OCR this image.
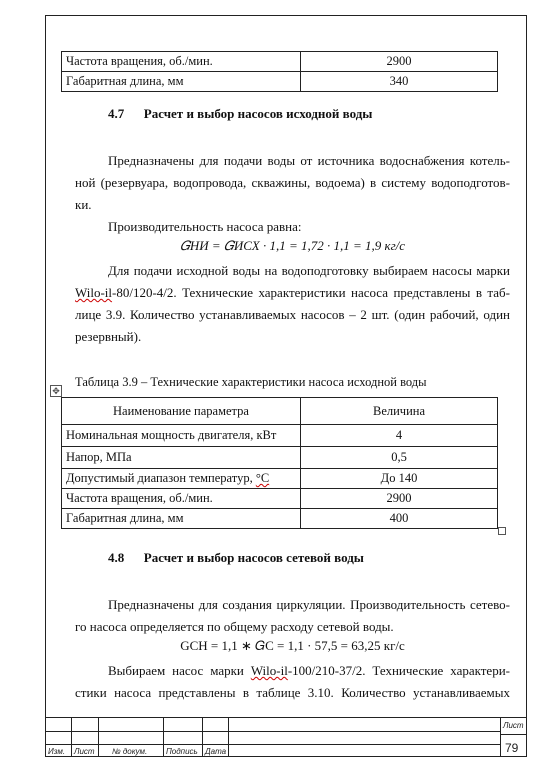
Частота вращения, об./мин.	2900
Габаритная длина, мм	340
4.7      Расчет и выбор насосов исходной воды
Предназначены для подачи воды от источника водоснабжения котель-
ной (резервуара, водопровода, скважины, водоема) в систему водоподготов-
ки.
Производительность насоса равна:
𝐺НИ = 𝐺ИСХ · 1,1 = 1,72 · 1,1 = 1,9 кг/с
Для подачи исходной воды на водоподготовку выбираем насосы марки
Wilo-il-80/120-4/2. Технические характеристики насоса представлены в таб-
лице 3.9. Количество устанавливаемых насосов – 2 шт. (один рабочий, один
резервный).
Таблица 3.9 – Технические характеристики насоса исходной воды
✥
Наименование параметра	Величина
Номинальная мощность двигателя, кВт	4
Напор, МПа	0,5
Допустимый диапазон температур, °С	До 140
Частота вращения, об./мин.	2900
Габаритная длина, мм	400
4.8      Расчет и выбор насосов сетевой воды
Предназначены для создания циркуляции. Производительность сетево-
го насоса определяется по общему расходу сетевой воды.
GСН = 1,1 ∗ 𝐺С = 1,1 · 57,5 = 63,25 кг/с
Выбираем насос марки Wilo-il-100/210-37/2. Технические характери-
стики насоса представлены в таблице 3.10. Количество устанавливаемых
Изм. Лист № докум. Подпись Дата
Лист
79
